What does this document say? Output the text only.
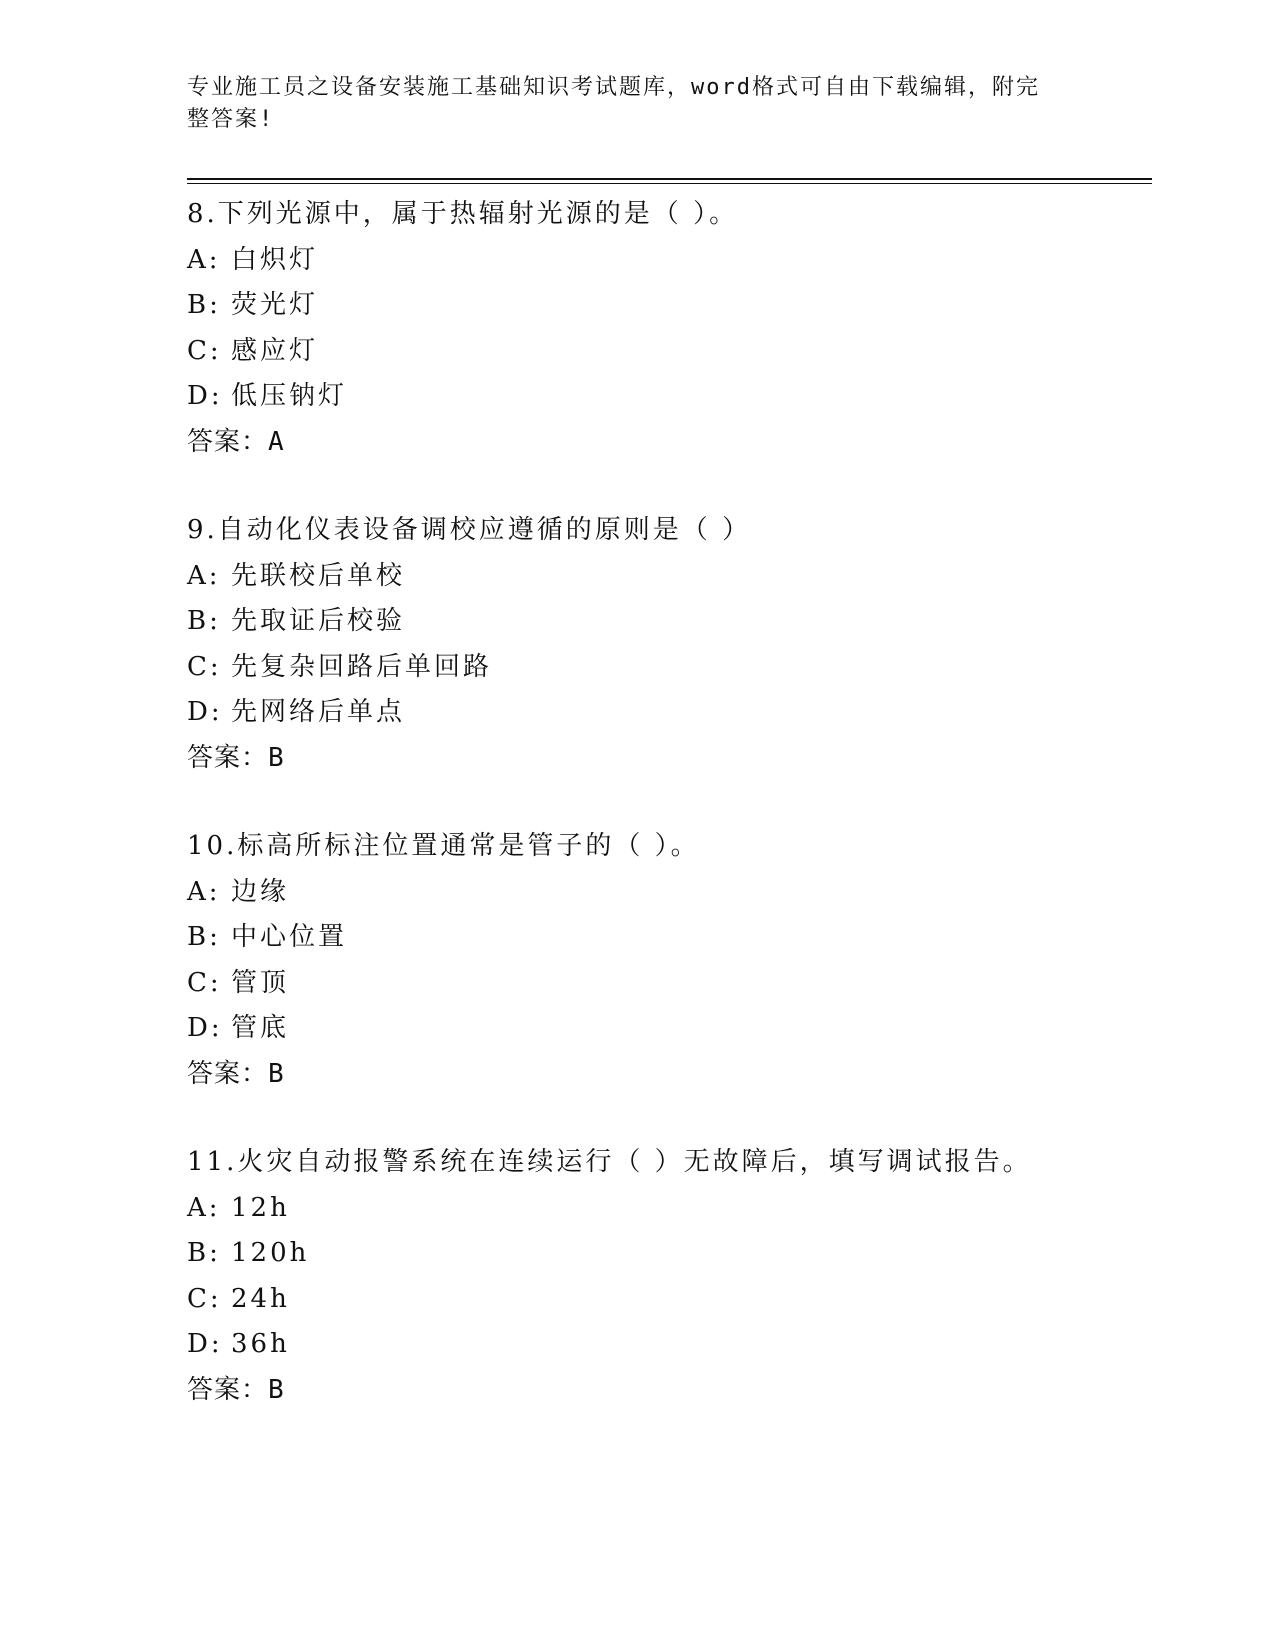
专业施工员之设备安装施工基础知识考试题库，word格式可自由下载编辑，附完
整答案!
8.下列光源中，属于热辐射光源的是（ ）。
A: 白炽灯
B: 荧光灯
C: 感应灯
D: 低压钠灯
答案：A
9.自动化仪表设备调校应遵循的原则是（ ）
A: 先联校后单校
B: 先取证后校验
C: 先复杂回路后单回路
D: 先网络后单点
答案：B
10.标高所标注位置通常是管子的（ ）。
A: 边缘
B: 中心位置
C: 管顶
D: 管底
答案：B
11.火灾自动报警系统在连续运行（ ）无故障后，填写调试报告。
A: 12h
B: 120h
C: 24h
D: 36h
答案：B
